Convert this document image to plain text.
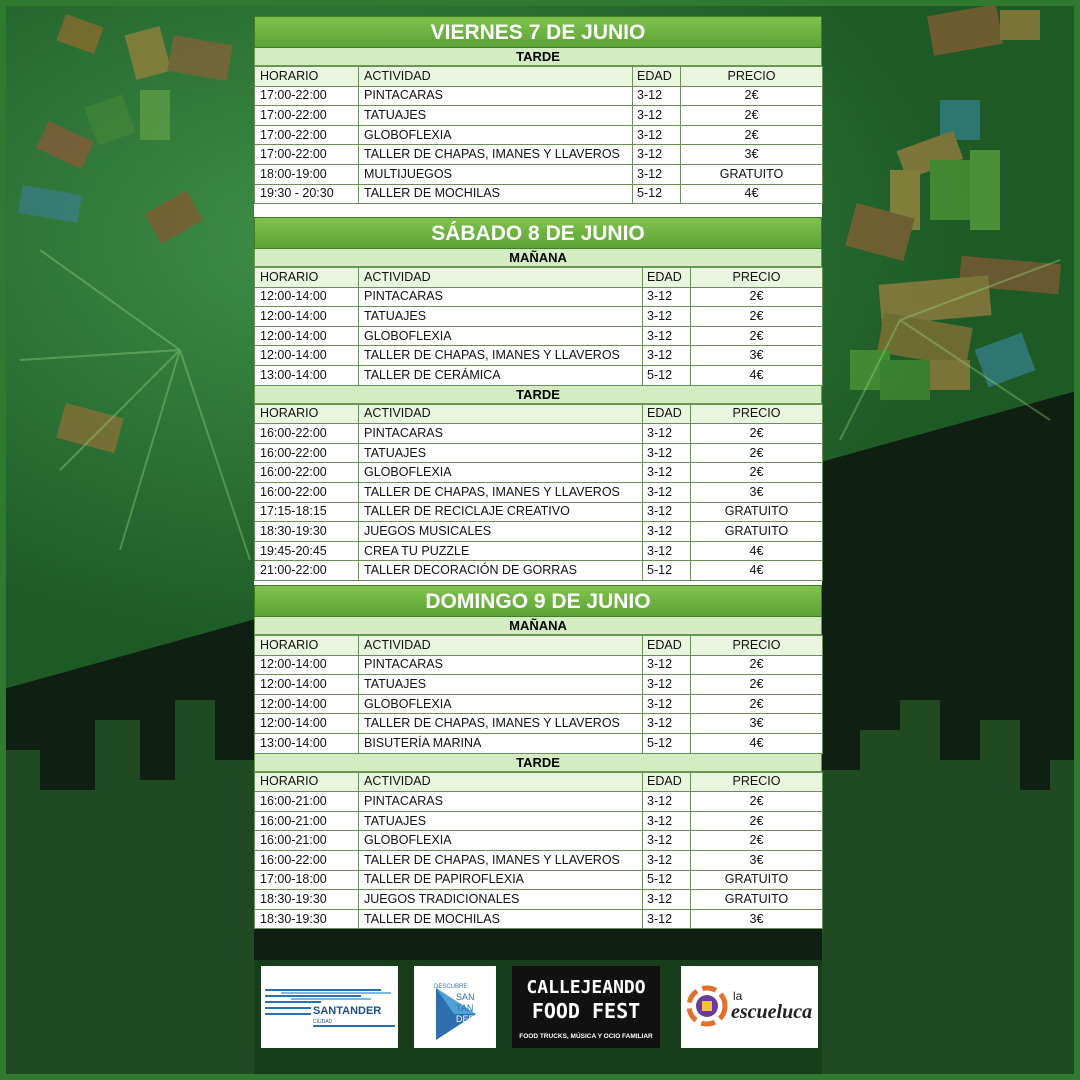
VIERNES 7 DE JUNIO
TARDE
HORARIO	ACTIVIDAD	EDAD	PRECIO
17:00-22:00	PINTACARAS	3-12	2€
17:00-22:00	TATUAJES	3-12	2€
17:00-22:00	GLOBOFLEXIA	3-12	2€
17:00-22:00	TALLER DE CHAPAS, IMANES Y LLAVEROS	3-12	3€
18:00-19:00	MULTIJUEGOS	3-12	GRATUITO
19:30 - 20:30	TALLER DE MOCHILAS	5-12	4€
SÁBADO 8 DE JUNIO
MAÑANA
HORARIO	ACTIVIDAD	EDAD	PRECIO
12:00-14:00	PINTACARAS	3-12	2€
12:00-14:00	TATUAJES	3-12	2€
12:00-14:00	GLOBOFLEXIA	3-12	2€
12:00-14:00	TALLER DE CHAPAS, IMANES Y LLAVEROS	3-12	3€
13:00-14:00	TALLER DE CERÁMICA	5-12	4€
TARDE
HORARIO	ACTIVIDAD	EDAD	PRECIO
16:00-22:00	PINTACARAS	3-12	2€
16:00-22:00	TATUAJES	3-12	2€
16:00-22:00	GLOBOFLEXIA	3-12	2€
16:00-22:00	TALLER DE CHAPAS, IMANES Y LLAVEROS	3-12	3€
17:15-18:15	TALLER DE RECICLAJE CREATIVO	3-12	GRATUITO
18:30-19:30	JUEGOS MUSICALES	3-12	GRATUITO
19:45-20:45	CREA TU PUZZLE	3-12	4€
21:00-22:00	TALLER DECORACIÓN DE GORRAS	5-12	4€
DOMINGO 9 DE JUNIO
MAÑANA
HORARIO	ACTIVIDAD	EDAD	PRECIO
12:00-14:00	PINTACARAS	3-12	2€
12:00-14:00	TATUAJES	3-12	2€
12:00-14:00	GLOBOFLEXIA	3-12	2€
12:00-14:00	TALLER DE CHAPAS, IMANES Y LLAVEROS	3-12	3€
13:00-14:00	BISUTERÍA MARINA	5-12	4€
TARDE
HORARIO	ACTIVIDAD	EDAD	PRECIO
16:00-21:00	PINTACARAS	3-12	2€
16:00-21:00	TATUAJES	3-12	2€
16:00-21:00	GLOBOFLEXIA	3-12	2€
16:00-22:00	TALLER DE CHAPAS, IMANES Y LLAVEROS	3-12	3€
17:00-18:00	TALLER DE PAPIROFLEXIA	5-12	GRATUITO
18:30-19:30	JUEGOS TRADICIONALES	3-12	GRATUITO
18:30-19:30	TALLER DE MOCHILAS	3-12	3€
SANTANDER
CIUDAD
DESCUBRE
SAN
TAN
DER
CALLEJEANDO
FOOD FEST
FOOD TRUCKS, MÚSICA Y OCIO FAMILIAR
la
escueluca
